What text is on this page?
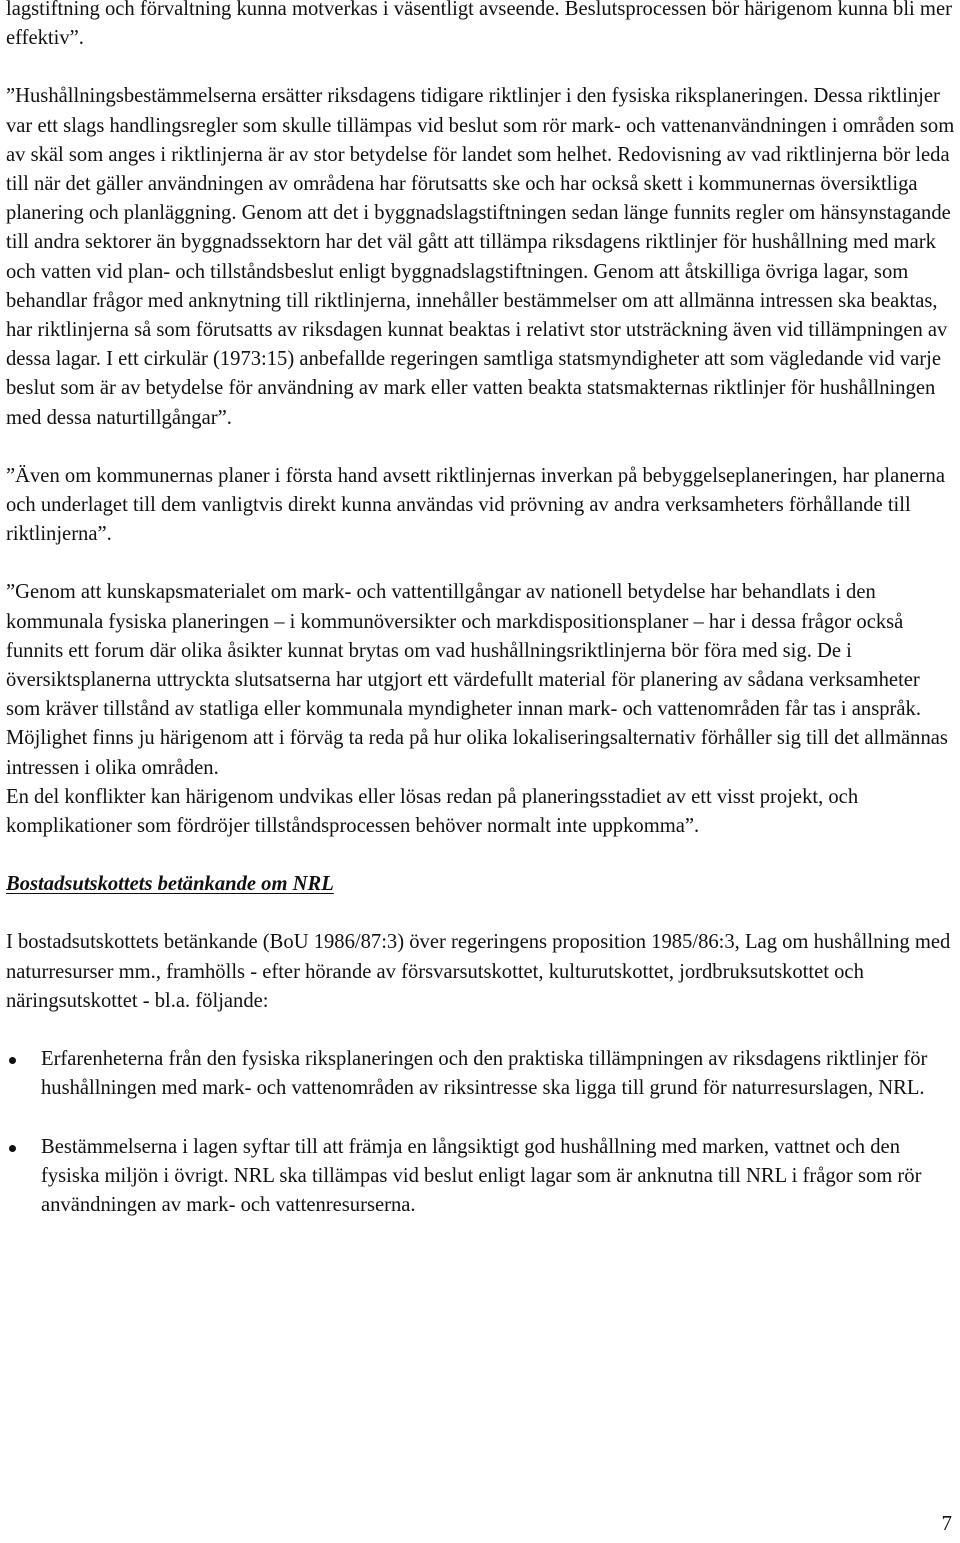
lagstiftning och förvaltning kunna motverkas i väsentligt avseende. Beslutsprocessen bör härigenom kunna bli mer effektiv”.

”Hushållningsbestämmelserna ersätter riksdagens tidigare riktlinjer i den fysiska riksplaneringen. Dessa riktlinjer var ett slags handlingsregler som skulle tillämpas vid beslut som rör mark- och vattenanvändningen i områden som av skäl som anges i riktlinjerna är av stor betydelse för landet som helhet. Redovisning av vad riktlinjerna bör leda till när det gäller användningen av områdena har förutsatts ske och har också skett i kommunernas översiktliga planering och planläggning. Genom att det i byggnadslagstiftningen sedan länge funnits regler om hänsynstagande till andra sektorer än byggnadssektorn har det väl gått att tillämpa riksdagens riktlinjer för hushållning med mark och vatten vid plan- och tillståndsbeslut enligt byggnadslagstiftningen. Genom att åtskilliga övriga lagar, som behandlar frågor med anknytning till riktlinjerna, innehåller bestämmelser om att allmänna intressen ska beaktas, har riktlinjerna så som förutsatts av riksdagen kunnat beaktas i relativt stor utsträckning även vid tillämpningen av dessa lagar. I ett cirkulär (1973:15) anbefallde regeringen samtliga statsmyndigheter att som vägledande vid varje beslut som är av betydelse för användning av mark eller vatten beakta statsmakternas riktlinjer för hushållningen med dessa naturtillgångar”.

”Även om kommunernas planer i första hand avsett riktlinjernas inverkan på bebyggelseplaneringen, har planerna och underlaget till dem vanligtvis direkt kunna användas vid prövning av andra verksamheters förhållande till riktlinjerna”.

”Genom att kunskapsmaterialet om mark- och vattentillgångar av nationell betydelse har behandlats i den kommunala fysiska planeringen – i kommunöversikter och markdispositionsplaner – har i dessa frågor också funnits ett forum där olika åsikter kunnat brytas om vad hushållningsriktlinjerna bör föra med sig. De i översiktsplanerna uttryckta slutsatserna har utgjort ett värdefullt material för planering av sådana verksamheter som kräver tillstånd av statliga eller kommunala myndigheter innan mark- och vattenområden får tas i anspråk. Möjlighet finns ju härigenom att i förväg ta reda på hur olika lokaliseringsalternativ förhåller sig till det allmännas intressen i olika områden.

En del konflikter kan härigenom undvikas eller lösas redan på planeringsstadiet av ett visst projekt, och komplikationer som fördröjer tillståndsprocessen behöver normalt inte uppkomma”.

Bostadsutskottets betänkande om NRL

I bostadsutskottets betänkande (BoU 1986/87:3) över regeringens proposition 1985/86:3, Lag om hushållning med naturresurser mm., framhölls - efter hörande av försvarsutskottet, kulturutskottet, jordbruksutskottet och näringsutskottet - bl.a. följande:

Erfarenheterna från den fysiska riksplaneringen och den praktiska tillämpningen av riksdagens riktlinjer för hushållningen med mark- och vattenområden av riksintresse ska ligga till grund för naturresurslagen, NRL.
Bestämmelserna i lagen syftar till att främja en långsiktigt god hushållning med marken, vattnet och den fysiska miljön i övrigt. NRL ska tillämpas vid beslut enligt lagar som är anknutna till NRL i frågor som rör användningen av mark- och vattenresurserna.
7
